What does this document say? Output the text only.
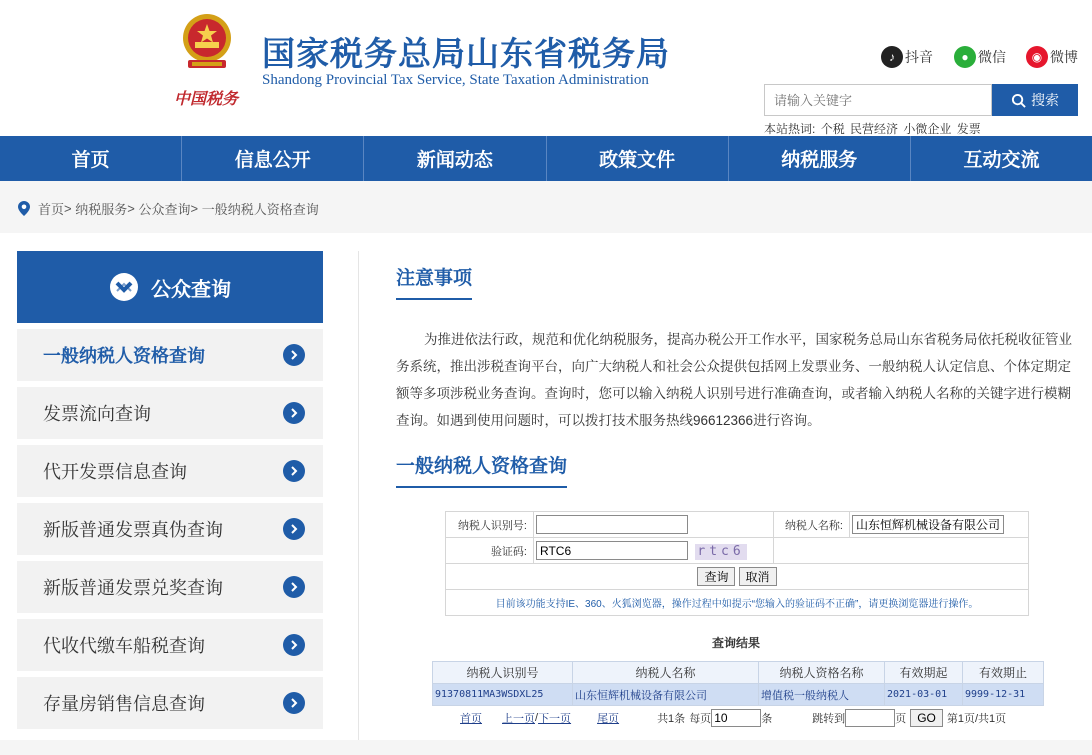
中国税务
国家税务总局山东省税务局
Shandong Provincial Tax Service, State Taxation Administration
♪ 抖音	● 微信	◉ 微博
请输入关键字
搜索
本站热词: 个税 民营经济 小微企业 发票
首页	信息公开	新闻动态	政策文件	纳税服务	互动交流
首页 > 纳税服务 > 公众查询 > 一般纳税人资格查询
公众查询
一般纳税人资格查询
发票流向查询
代开发票信息查询
新版普通发票真伪查询
新版普通发票兑奖查询
代收代缴车船税查询
存量房销售信息查询
注意事项

为推进依法行政，规范和优化纳税服务，提高办税公开工作水平，国家税务总局山东省税务局依托税收征管业务系统，推出涉税查询平台，向广大纳税人和社会公众提供包括网上发票业务、一般纳税人认定信息、个体定期定额等多项涉税业务查询。查询时，您可以输入纳税人识别号进行准确查询，或者输入纳税人名称的关键字进行模糊查询。如遇到使用问题时，可以拨打技术服务热线96612366进行咨询。

一般纳税人资格查询
纳税人识别号:		纳税人名称:	山东恒辉机械设备有限公司
验证码:	RTC6rtc6	
查询 取消			
目前该功能支持IE、360、火狐浏览器，操作过程中如提示“您输入的验证码不正确”，请更换浏览器进行操作。			
查询结果
纳税人识别号	纳税人名称	纳税人资格名称	有效期起	有效期止
91370811MA3WSDXL25	山东恒辉机械设备有限公司	增值税一般纳税人	2021-03-01	9999-12-31
首页 上一页 / 下一页 尾页	共1条 每页
10	条	跳转到	页 GO	第1页/共1页
